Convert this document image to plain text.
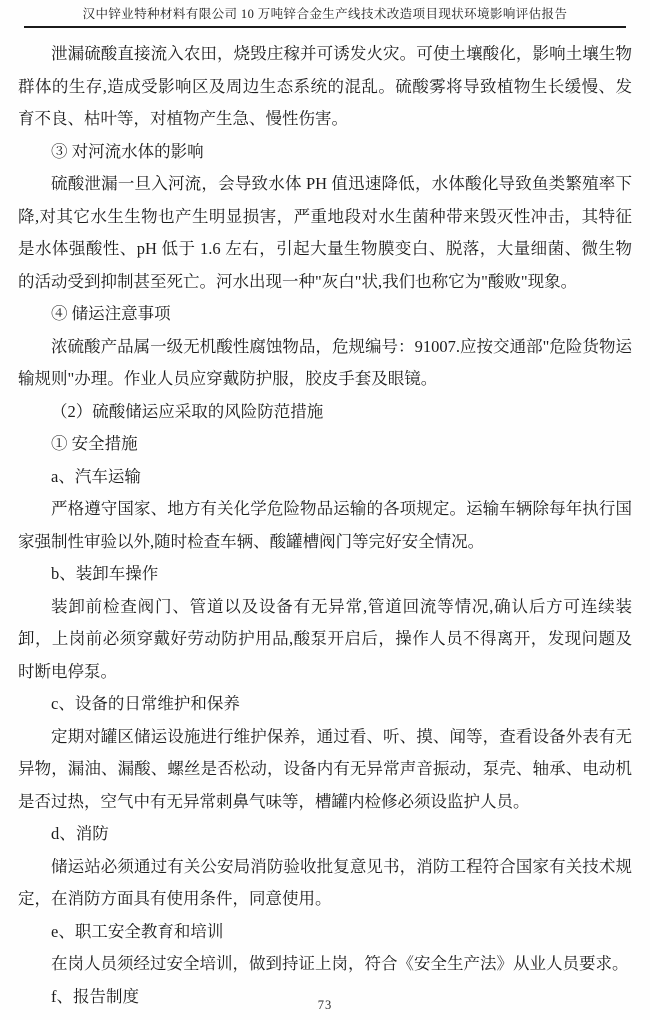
汉中锌业特种材料有限公司 10 万吨锌合金生产线技术改造项目现状环境影响评估报告

泄漏硫酸直接流入农田，烧毁庄稼并可诱发火灾。可使土壤酸化，影响土壤生物群体的生存,造成受影响区及周边生态系统的混乱。硫酸雾将导致植物生长缓慢、发育不良、枯叶等，对植物产生急、慢性伤害。

③ 对河流水体的影响

硫酸泄漏一旦入河流，会导致水体 PH 值迅速降低，水体酸化导致鱼类繁殖率下降,对其它水生生物也产生明显损害，严重地段对水生菌种带来毁灭性冲击，其特征是水体强酸性、pH 低于 1.6 左右，引起大量生物膜变白、脱落，大量细菌、微生物的活动受到抑制甚至死亡。河水出现一种"灰白"状,我们也称它为"酸败"现象。

④ 储运注意事项

浓硫酸产品属一级无机酸性腐蚀物品，危规编号：91007.应按交通部"危险货物运输规则"办理。作业人员应穿戴防护服，胶皮手套及眼镜。

（2）硫酸储运应采取的风险防范措施

① 安全措施

a、汽车运输

严格遵守国家、地方有关化学危险物品运输的各项规定。运输车辆除每年执行国家强制性审验以外,随时检查车辆、酸罐槽阀门等完好安全情况。

b、装卸车操作

装卸前检查阀门、管道以及设备有无异常,管道回流等情况,确认后方可连续装卸，上岗前必须穿戴好劳动防护用品,酸泵开启后，操作人员不得离开，发现问题及时断电停泵。

c、设备的日常维护和保养

定期对罐区储运设施进行维护保养，通过看、听、摸、闻等，查看设备外表有无异物，漏油、漏酸、螺丝是否松动，设备内有无异常声音振动，泵壳、轴承、电动机是否过热，空气中有无异常刺鼻气味等，槽罐内检修必须设监护人员。

d、消防

储运站必须通过有关公安局消防验收批复意见书，消防工程符合国家有关技术规定，在消防方面具有使用条件，同意使用。

e、职工安全教育和培训

在岗人员须经过安全培训，做到持证上岗，符合《安全生产法》从业人员要求。

f、报告制度	73
